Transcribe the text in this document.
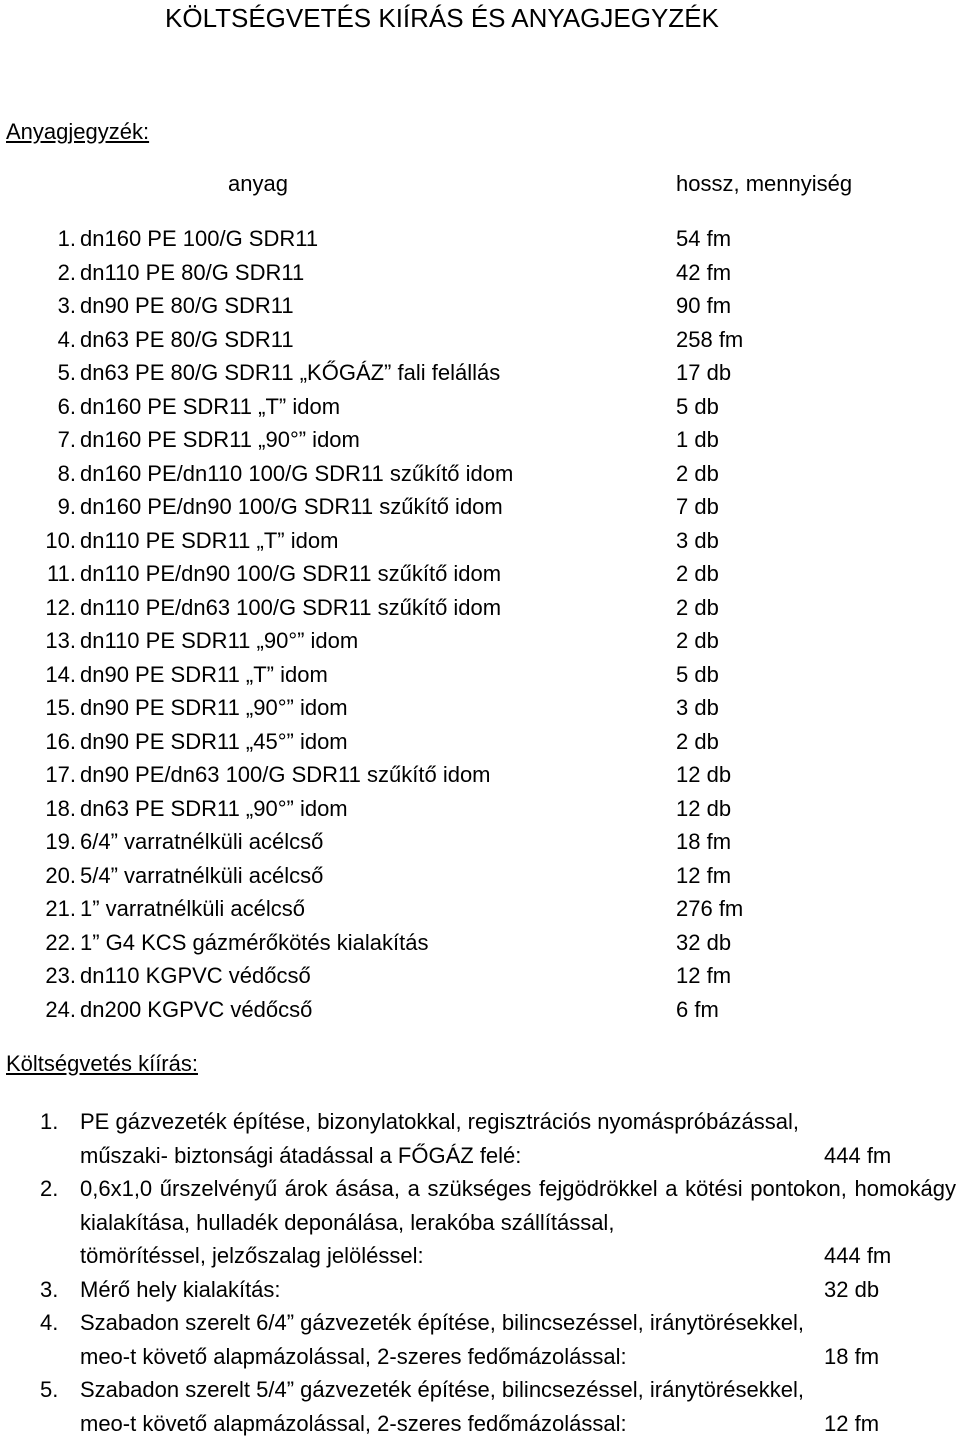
KÖLTSÉGVETÉS KIÍRÁS ÉS ANYAGJEGYZÉK
Anyagjegyzék:
anyag	hossz, mennyiség
1. dn160 PE 100/G SDR11	54 fm
2. dn110 PE 80/G SDR11	42 fm
3. dn90 PE 80/G SDR11	90 fm
4. dn63 PE 80/G SDR11	258 fm
5. dn63 PE 80/G SDR11 „KŐGÁZ” fali felállás	17 db
6. dn160 PE SDR11 „T” idom	5 db
7. dn160 PE SDR11 „90°” idom	1 db
8. dn160 PE/dn110 100/G SDR11 szűkítő idom	2 db
9. dn160 PE/dn90 100/G SDR11 szűkítő idom	7 db
10. dn110 PE SDR11 „T” idom	3 db
11. dn110 PE/dn90 100/G SDR11 szűkítő idom	2 db
12. dn110 PE/dn63 100/G SDR11 szűkítő idom	2 db
13. dn110 PE SDR11 „90°” idom	2 db
14. dn90 PE SDR11 „T” idom	5 db
15. dn90 PE SDR11 „90°” idom	3 db
16. dn90 PE SDR11 „45°” idom	2 db
17. dn90 PE/dn63 100/G SDR11 szűkítő idom	12 db
18. dn63 PE SDR11 „90°” idom	12 db
19. 6/4” varratnélküli acélcső	18 fm
20. 5/4” varratnélküli acélcső	12 fm
21. 1” varratnélküli acélcső	276 fm
22. 1” G4 KCS gázmérőkötés kialakítás	32 db
23. dn110 KGPVC védőcső	12 fm
24. dn200 KGPVC védőcső	6 fm
Költségvetés kíírás:
1. PE gázvezeték építése, bizonylatokkal, regisztrációs nyomáspróbázással,
műszaki- biztonsági átadással a FŐGÁZ felé:	444 fm
2. 0,6x1,0 űrszelvényű árok ásása, a szükséges fejgödrökkel a kötési pontokon, homokágy kialakítása, hulladék deponálása, lerakóba szállítással,
tömörítéssel, jelzőszalag jelöléssel:	444 fm
3. Mérő hely kialakítás:	32 db
4. Szabadon szerelt 6/4” gázvezeték építése, bilincsezéssel, iránytörésekkel,
meo-t követő alapmázolással, 2-szeres fedőmázolással:	18 fm
5. Szabadon szerelt 5/4” gázvezeték építése, bilincsezéssel, iránytörésekkel,
meo-t követő alapmázolással, 2-szeres fedőmázolással:	12 fm
